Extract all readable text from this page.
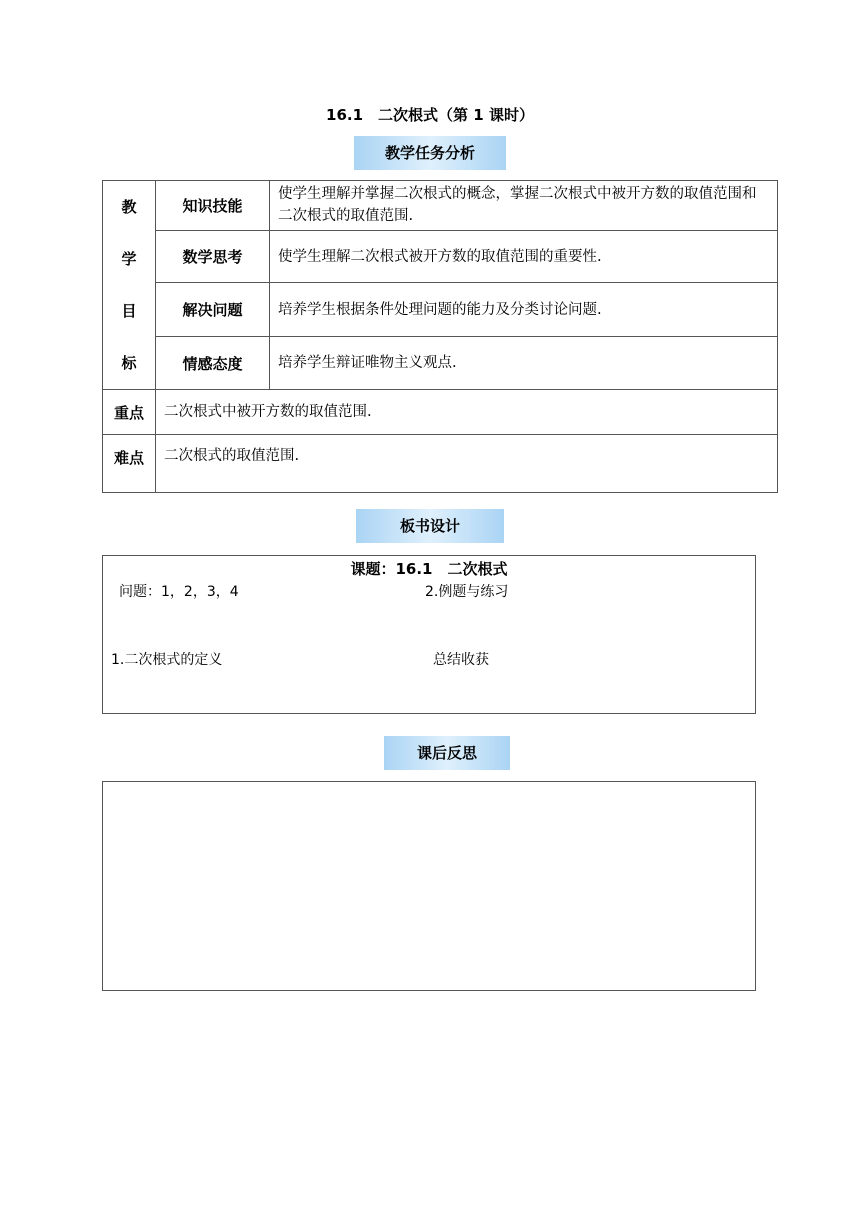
16.1　二次根式（第 1 课时）
教学任务分析
教
学
目
标	知识技能	使学生理解并掌握二次根式的概念，掌握二次根式中被开方数的取值范围和二次根式的取值范围.
	数学思考	使学生理解二次根式被开方数的取值范围的重要性.
	解决问题	培养学生根据条件处理问题的能力及分类讨论问题.
	情感态度	培养学生辩证唯物主义观点.
重点	二次根式中被开方数的取值范围.	
难点	二次根式的取值范围.	
板书设计
课题：16.1　二次根式
问题：1，2，3，4	2.例题与练习
1.二次根式的定义	总结收获
课后反思
